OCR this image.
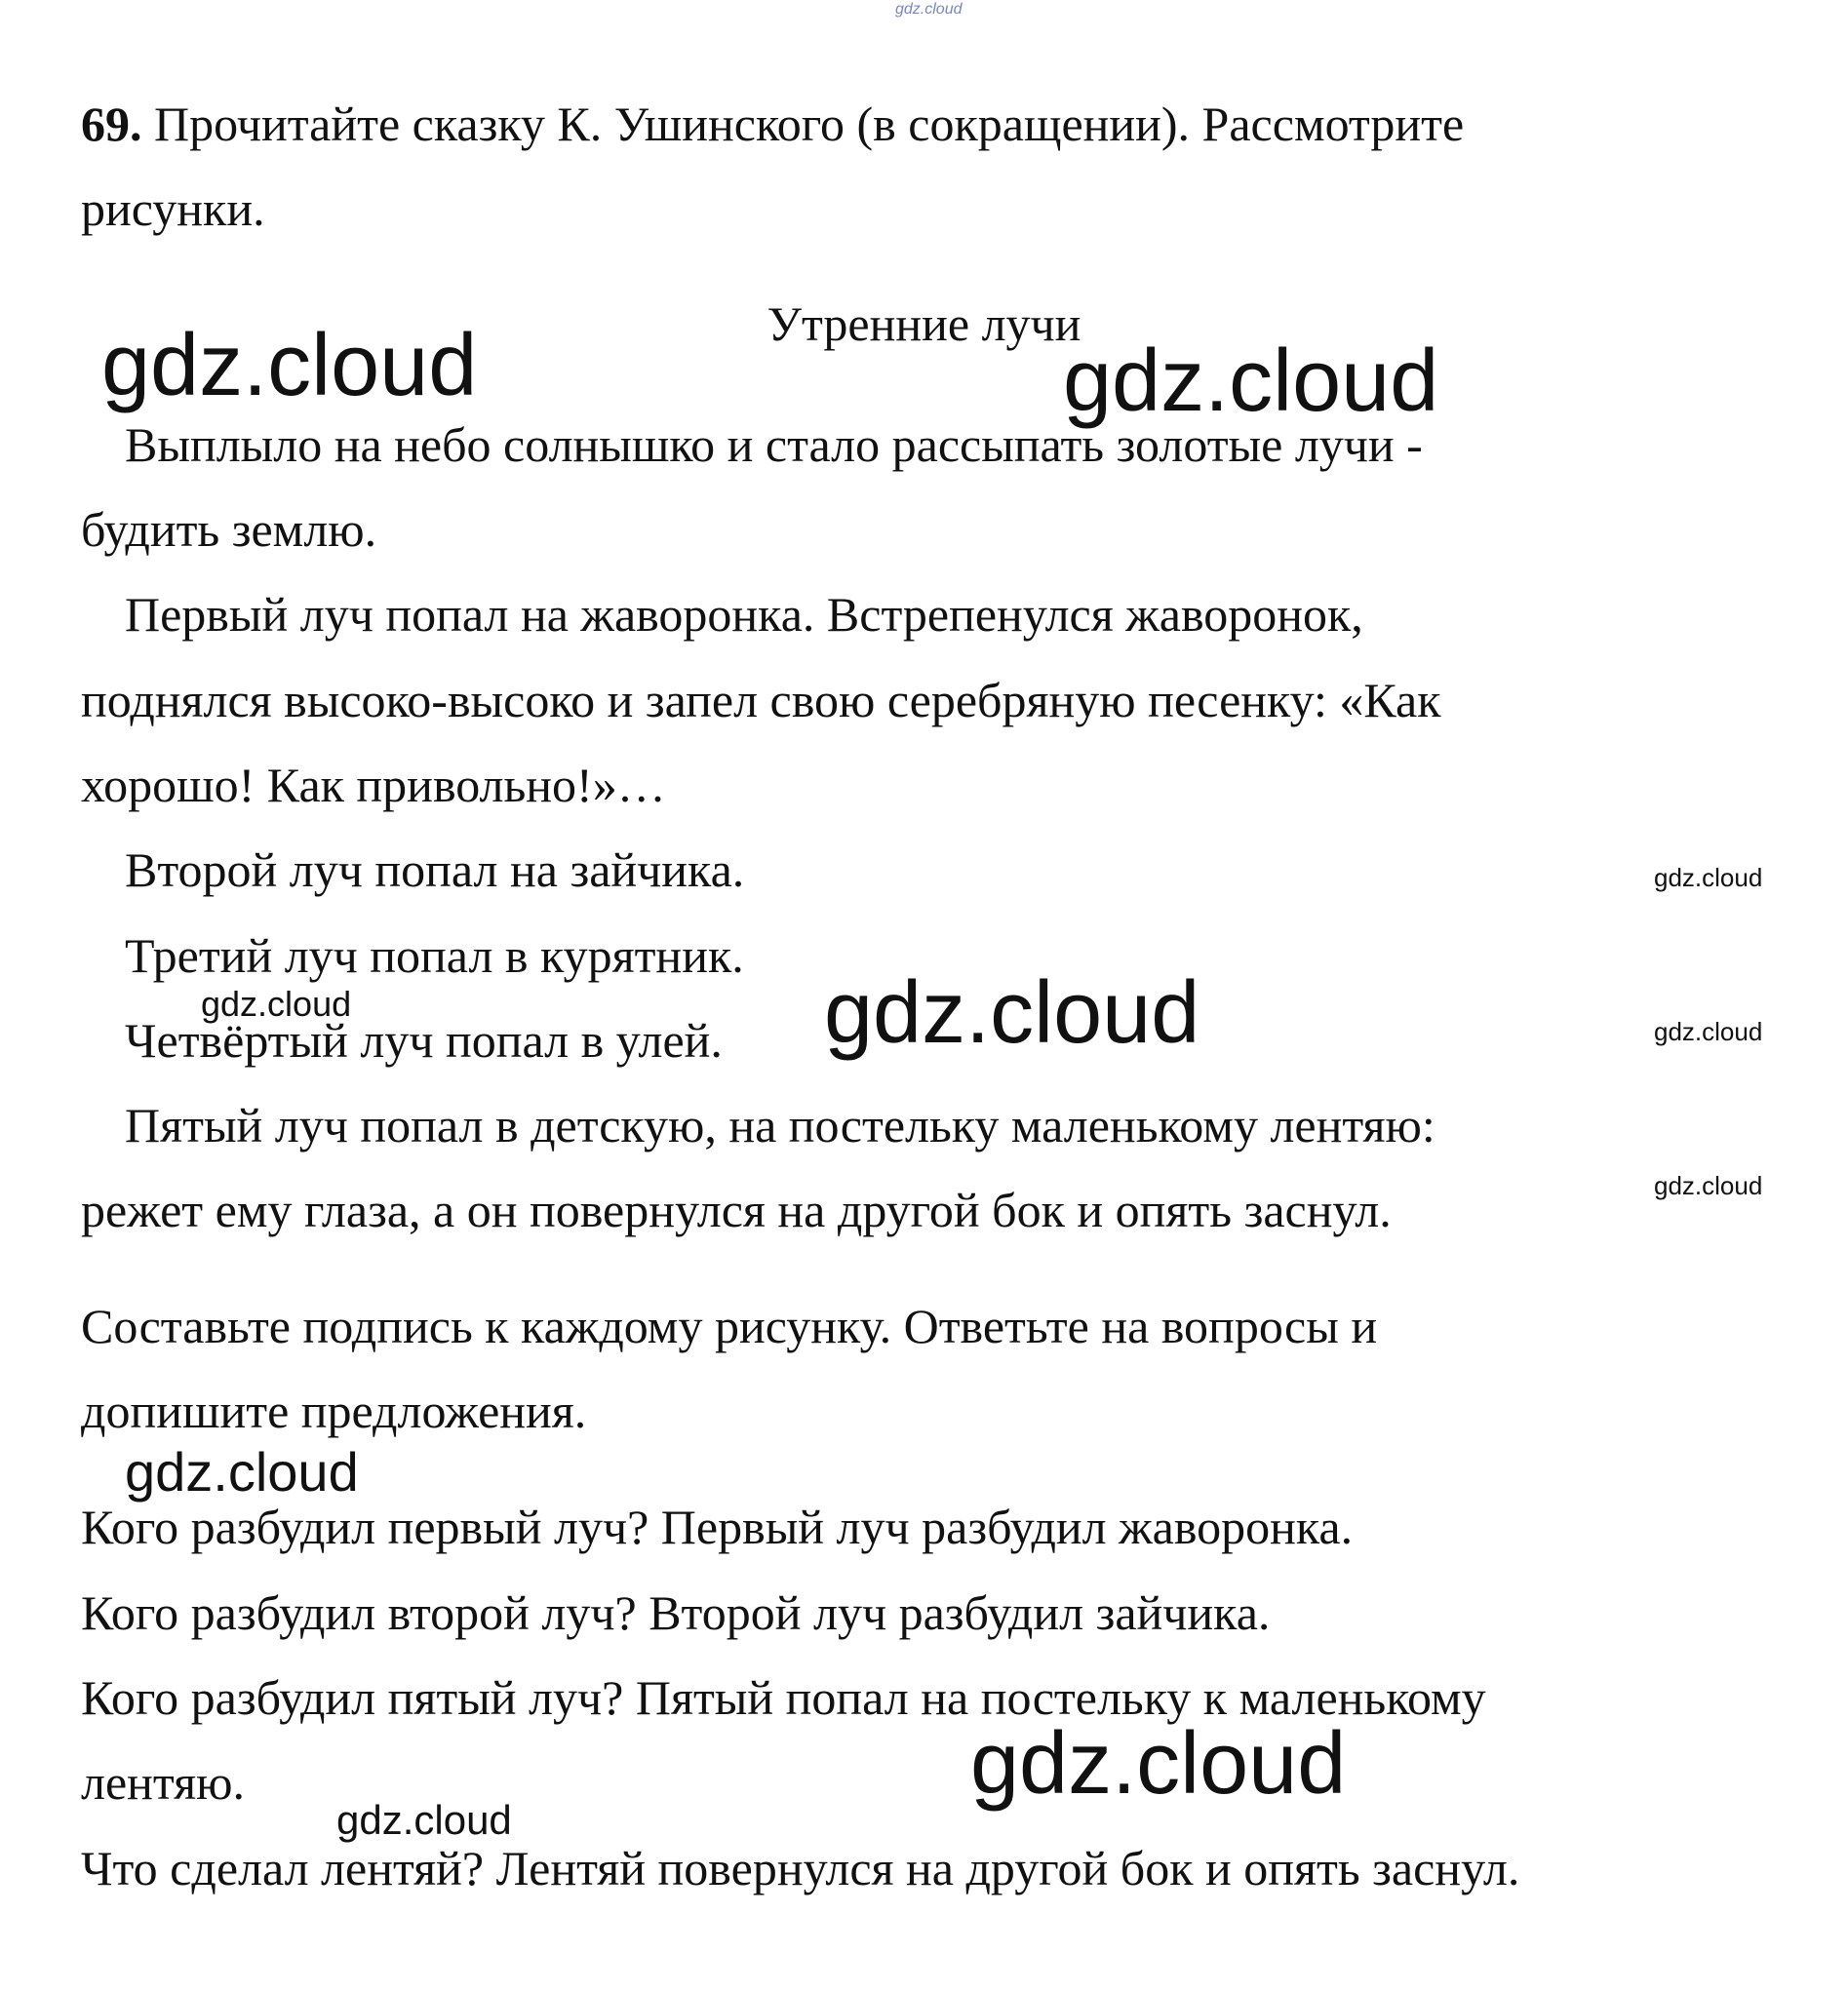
69. Прочитайте сказку К. Ушинского (в сокращении). Рассмотрите
рисунки.
Утренние лучи
Выплыло на небо солнышко и стало рассыпать золотые лучи -
будить землю.
Первый луч попал на жаворонка. Встрепенулся жаворонок,
поднялся высоко-высоко и запел свою серебряную песенку: «Как
хорошо! Как привольно!»…
Второй луч попал на зайчика.
Третий луч попал в курятник.
Четвёртый луч попал в улей.
Пятый луч попал в детскую, на постельку маленькому лентяю:
режет ему глаза, а он повернулся на другой бок и опять заснул.
Составьте подпись к каждому рисунку. Ответьте на вопросы и
допишите предложения.
Кого разбудил первый луч? Первый луч разбудил жаворонка.
Кого разбудил второй луч? Второй луч разбудил зайчика.
Кого разбудил пятый луч? Пятый попал на постельку к маленькому
лентяю.
Что сделал лентяй? Лентяй повернулся на другой бок и опять заснул.
gdz.cloud
gdz.cloud	gdz.cloud
gdz.cloud
gdz.cloud
gdz.cloud
gdz.cloud	gdz.cloud
gdz.cloud
gdz.cloud
gdz.cloud
